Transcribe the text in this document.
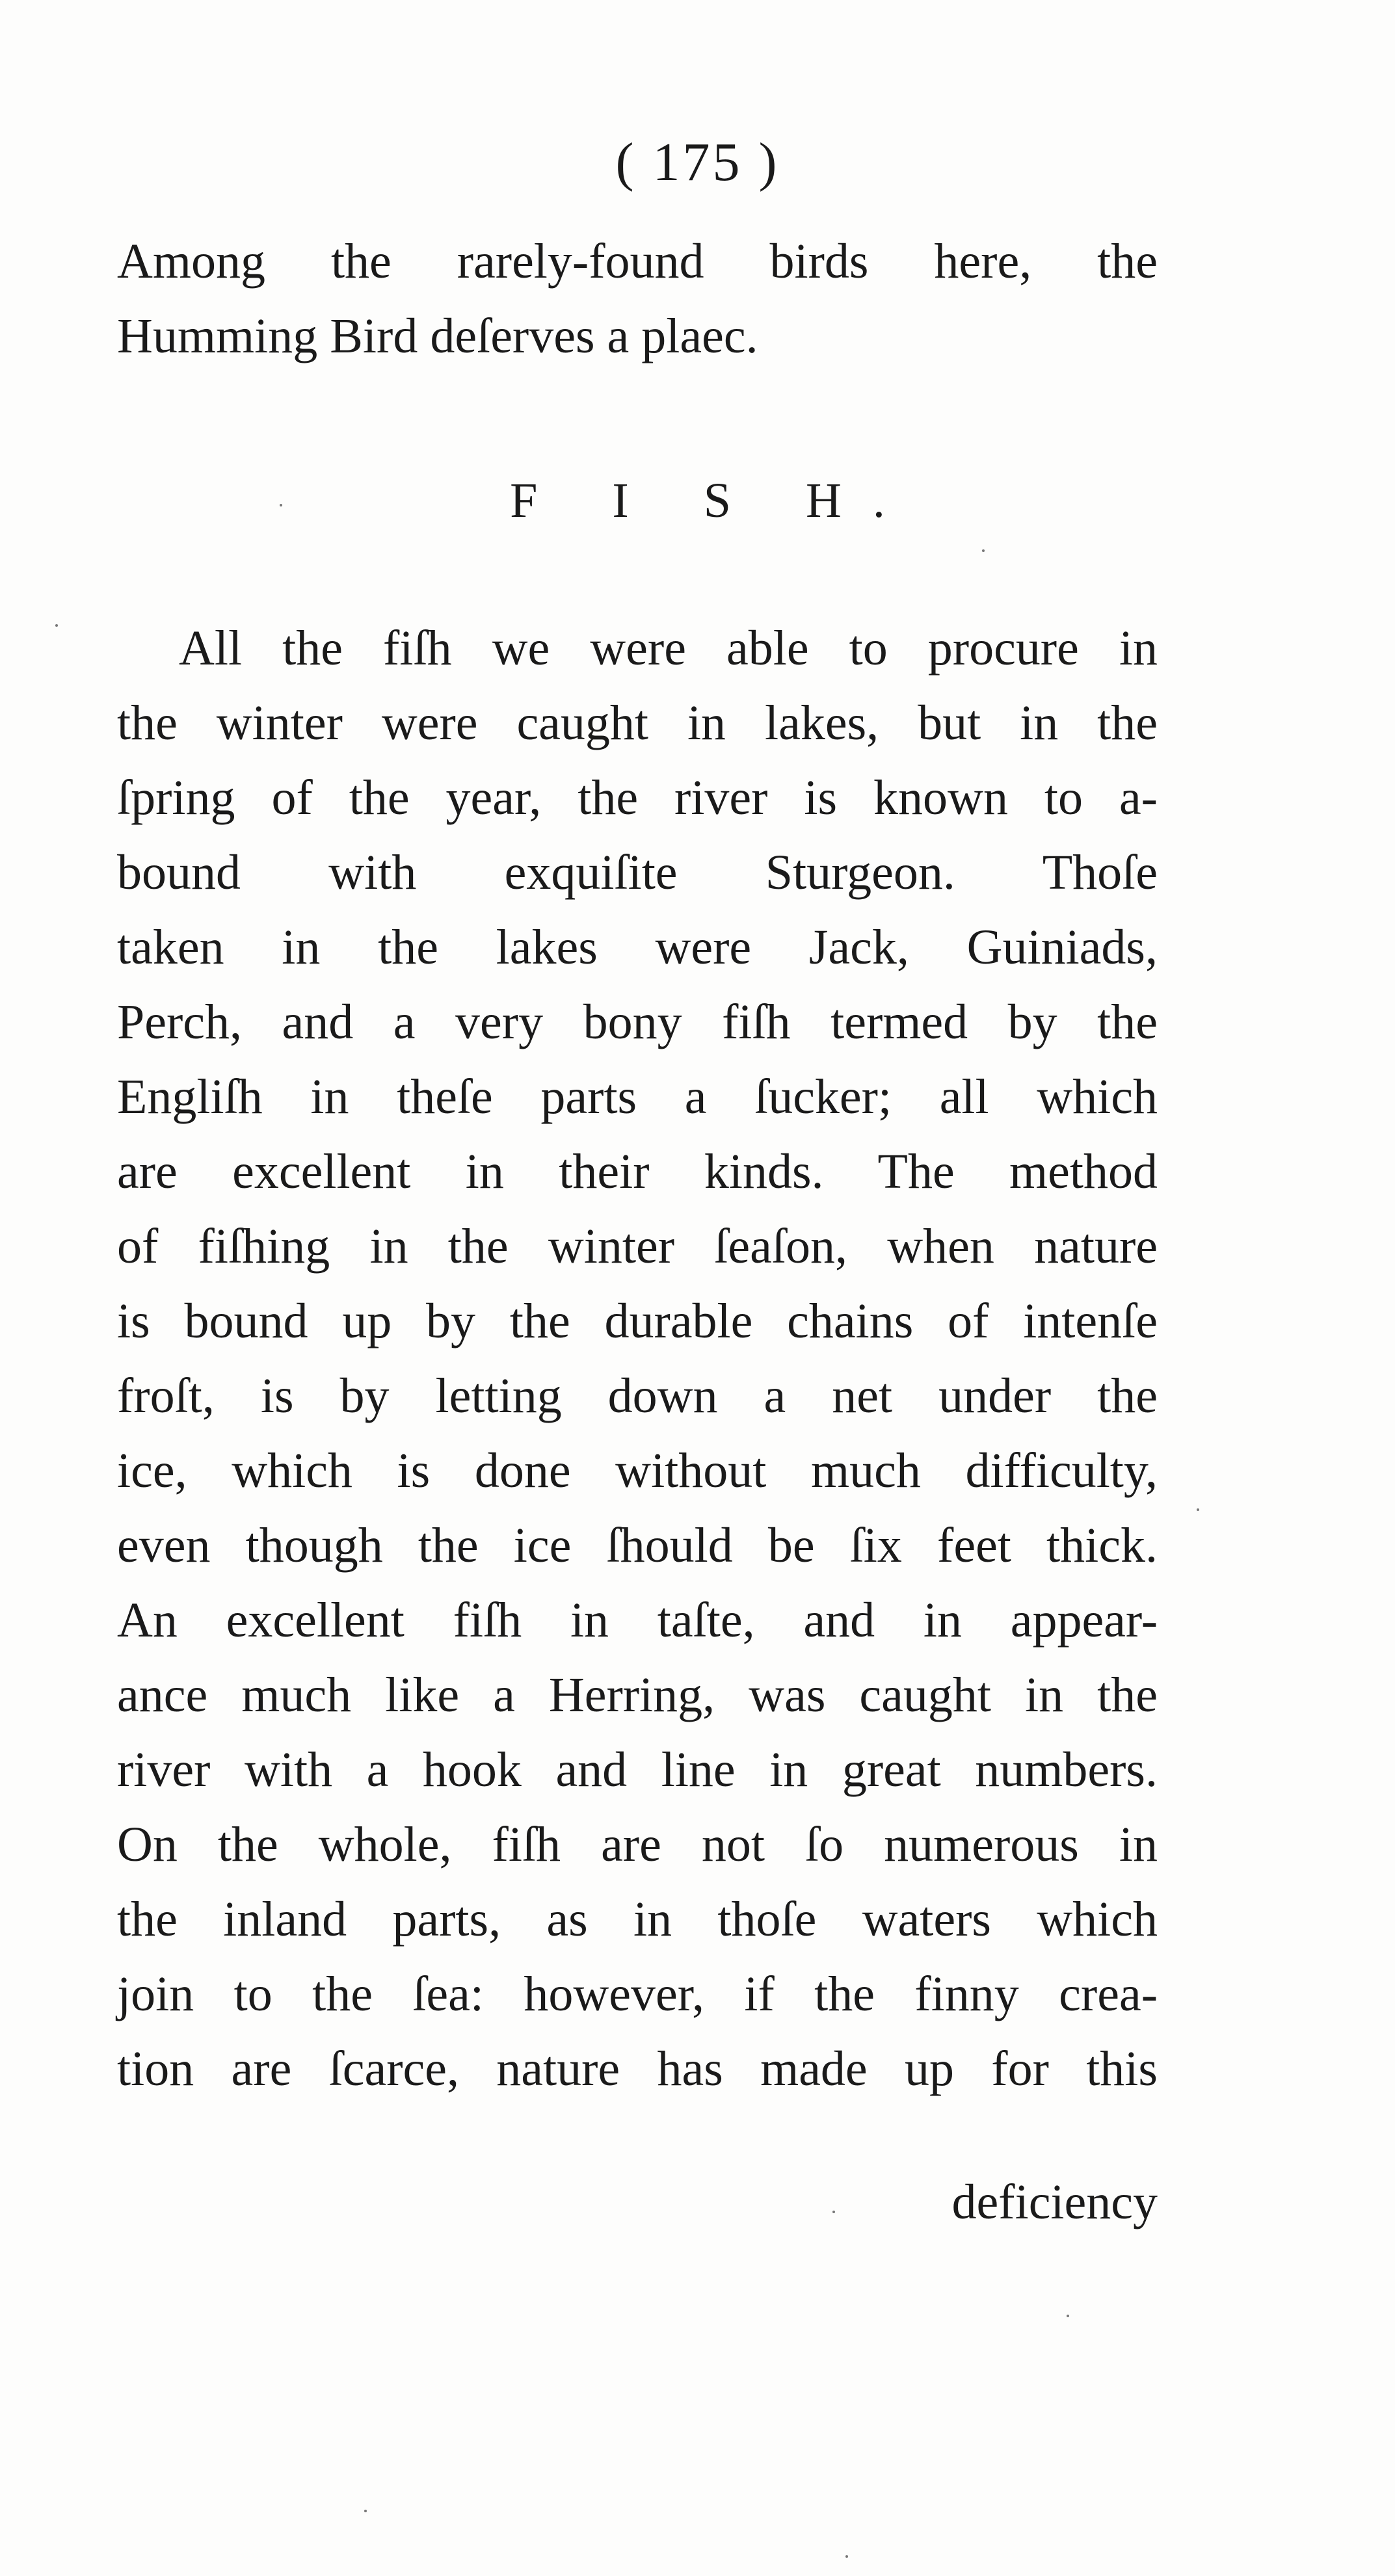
( 175 )
Among the rarely-found birds here, the
Humming Bird deſerves a plaec.
F I S H.
All the fiſh we were able to procure in
the winter were caught in lakes, but in the
ſpring of the year, the river is known to a-
bound with exquiſite Sturgeon. Thoſe
taken in the lakes were Jack, Guiniads,
Perch, and a very bony fiſh termed by the
Engliſh in theſe parts a ſucker; all which
are excellent in their kinds. The method
of fiſhing in the winter ſeaſon, when nature
is bound up by the durable chains of intenſe
froſt, is by letting down a net under the
ice, which is done without much difficulty,
even though the ice ſhould be ſix feet thick.
An excellent fiſh in taſte, and in appear-
ance much like a Herring, was caught in the
river with a hook and line in great numbers.
On the whole, fiſh are not ſo numerous in
the inland parts, as in thoſe waters which
join to the ſea: however, if the finny crea-
tion are ſcarce, nature has made up for this
deficiency
